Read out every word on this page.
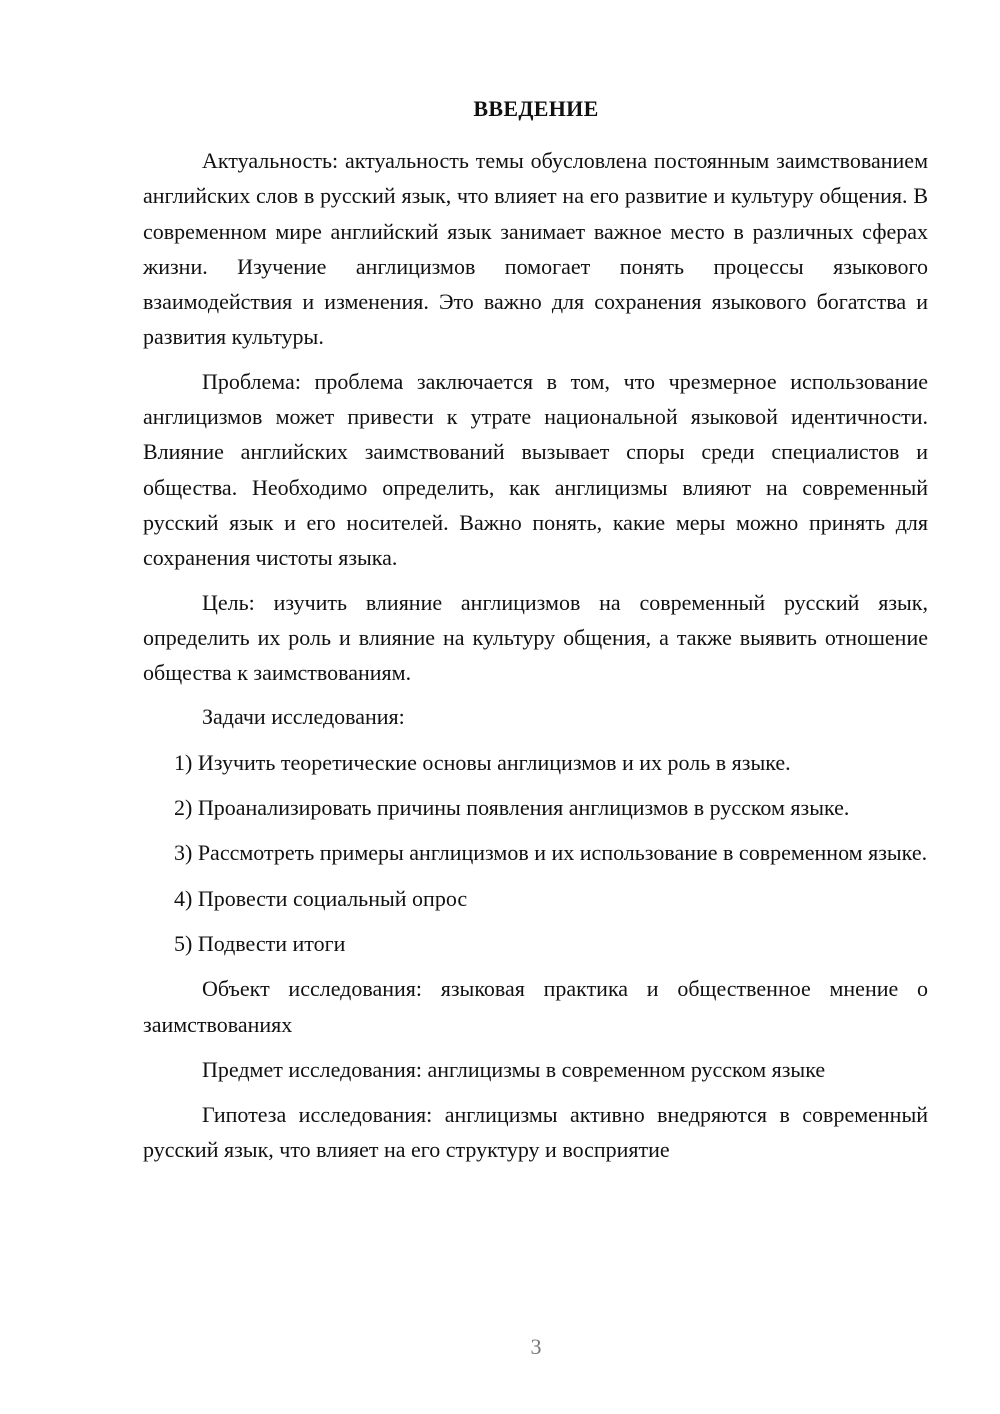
ВВЕДЕНИЕ

Актуальность: актуальность темы обусловлена постоянным заимствованием английских слов в русский язык, что влияет на его развитие и культуру общения. В современном мире английский язык занимает важное место в различных сферах жизни. Изучение англицизмов помогает понять процессы языкового взаимодействия и изменения. Это важно для сохранения языкового богатства и развития культуры.

Проблема: проблема заключается в том, что чрезмерное использование англицизмов может привести к утрате национальной языковой идентичности. Влияние английских заимствований вызывает споры среди специалистов и общества. Необходимо определить, как англицизмы влияют на современный русский язык и его носителей. Важно понять, какие меры можно принять для сохранения чистоты языка.

Цель: изучить влияние англицизмов на современный русский язык, определить их роль и влияние на культуру общения, а также выявить отношение общества к заимствованиям.

Задачи исследования:

1) Изучить теоретические основы англицизмов и их роль в языке.

2) Проанализировать причины появления англицизмов в русском языке.

3) Рассмотреть примеры англицизмов и их использование в современном языке.

4) Провести социальный опрос

5) Подвести итоги

Объект исследования: языковая практика и общественное мнение о заимствованиях

Предмет исследования: англицизмы в современном русском языке

Гипотеза исследования: англицизмы активно внедряются в современный русский язык, что влияет на его структуру и восприятие

3
